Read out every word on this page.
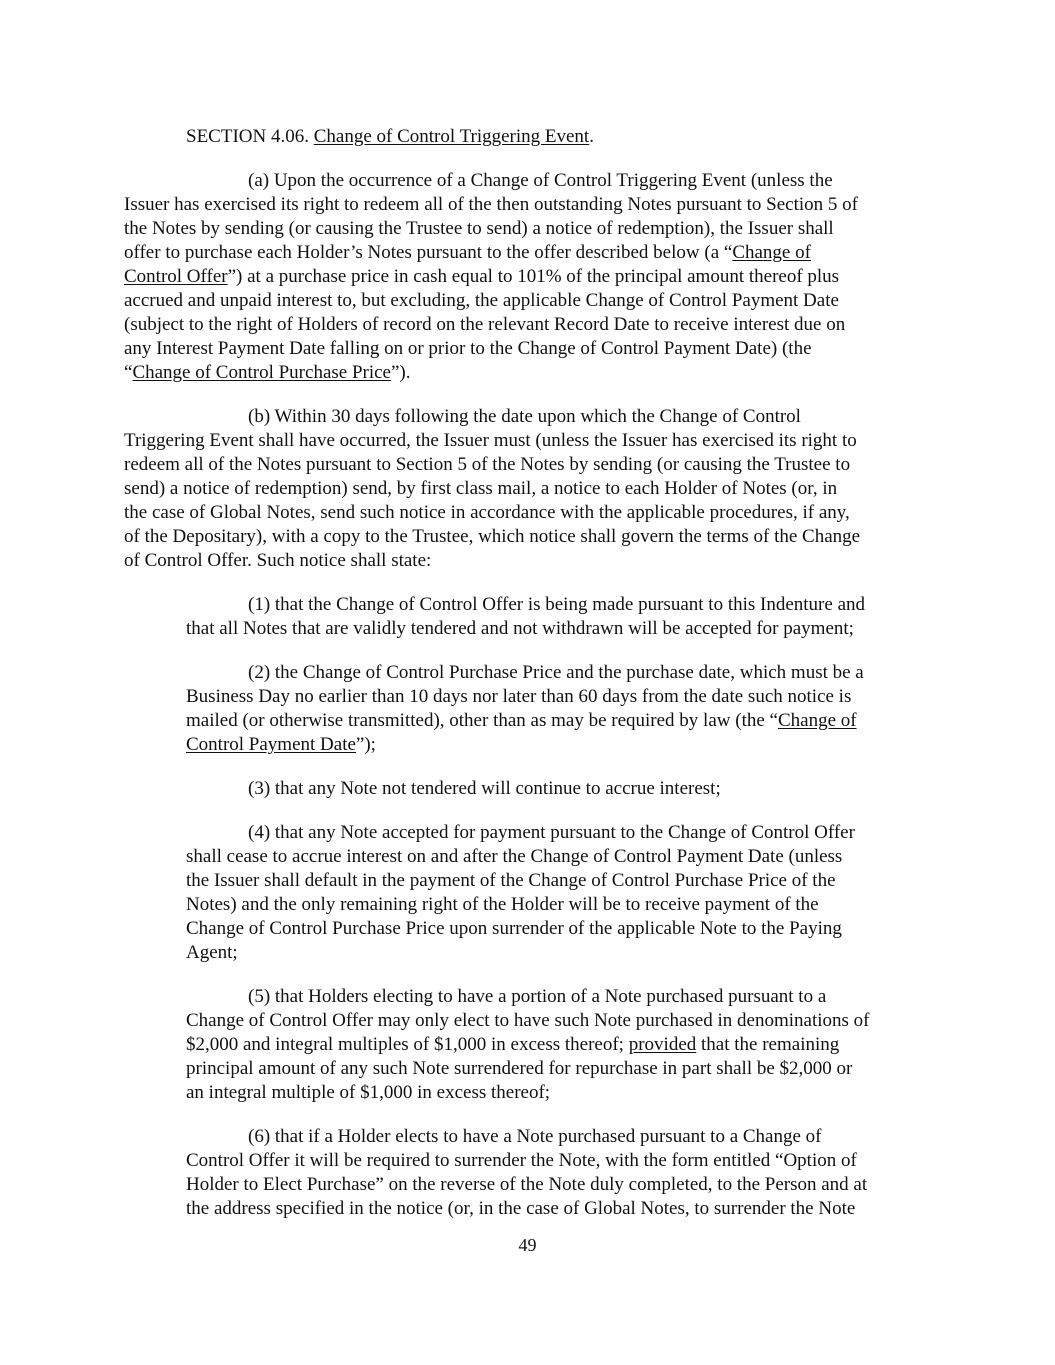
SECTION 4.06. Change of Control Triggering Event.
(a) Upon the occurrence of a Change of Control Triggering Event (unless the
Issuer has exercised its right to redeem all of the then outstanding Notes pursuant to Section 5 of
the Notes by sending (or causing the Trustee to send) a notice of redemption), the Issuer shall
offer to purchase each Holder’s Notes pursuant to the offer described below (a “Change of
Control Offer”) at a purchase price in cash equal to 101% of the principal amount thereof plus
accrued and unpaid interest to, but excluding, the applicable Change of Control Payment Date
(subject to the right of Holders of record on the relevant Record Date to receive interest due on
any Interest Payment Date falling on or prior to the Change of Control Payment Date) (the
“Change of Control Purchase Price”).
(b) Within 30 days following the date upon which the Change of Control
Triggering Event shall have occurred, the Issuer must (unless the Issuer has exercised its right to
redeem all of the Notes pursuant to Section 5 of the Notes by sending (or causing the Trustee to
send) a notice of redemption) send, by first class mail, a notice to each Holder of Notes (or, in
the case of Global Notes, send such notice in accordance with the applicable procedures, if any,
of the Depositary), with a copy to the Trustee, which notice shall govern the terms of the Change
of Control Offer. Such notice shall state:
(1) that the Change of Control Offer is being made pursuant to this Indenture and
that all Notes that are validly tendered and not withdrawn will be accepted for payment;
(2) the Change of Control Purchase Price and the purchase date, which must be a
Business Day no earlier than 10 days nor later than 60 days from the date such notice is
mailed (or otherwise transmitted), other than as may be required by law (the “Change of
Control Payment Date”);
(3) that any Note not tendered will continue to accrue interest;
(4) that any Note accepted for payment pursuant to the Change of Control Offer
shall cease to accrue interest on and after the Change of Control Payment Date (unless
the Issuer shall default in the payment of the Change of Control Purchase Price of the
Notes) and the only remaining right of the Holder will be to receive payment of the
Change of Control Purchase Price upon surrender of the applicable Note to the Paying
Agent;
(5) that Holders electing to have a portion of a Note purchased pursuant to a
Change of Control Offer may only elect to have such Note purchased in denominations of
$2,000 and integral multiples of $1,000 in excess thereof; provided that the remaining
principal amount of any such Note surrendered for repurchase in part shall be $2,000 or
an integral multiple of $1,000 in excess thereof;
(6) that if a Holder elects to have a Note purchased pursuant to a Change of
Control Offer it will be required to surrender the Note, with the form entitled “Option of
Holder to Elect Purchase” on the reverse of the Note duly completed, to the Person and at
the address specified in the notice (or, in the case of Global Notes, to surrender the Note
49
